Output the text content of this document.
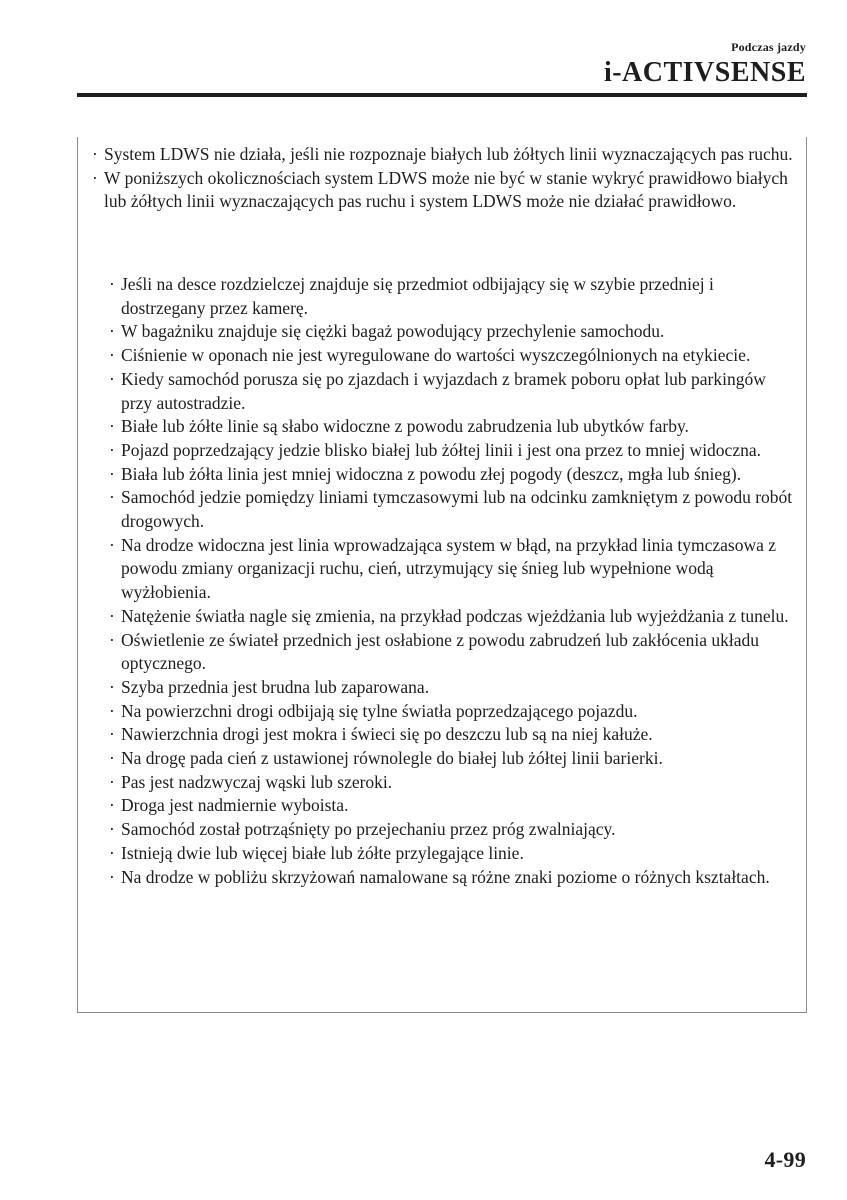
Podczas jazdy
i-ACTIVSENSE
· System LDWS nie działa, jeśli nie rozpoznaje białych lub żółtych linii wyznaczających pas ruchu.
· W poniższych okolicznościach system LDWS może nie być w stanie wykryć prawidłowo białych lub żółtych linii wyznaczających pas ruchu i system LDWS może nie działać prawidłowo.
· Jeśli na desce rozdzielczej znajduje się przedmiot odbijający się w szybie przedniej i dostrzegany przez kamerę.
· W bagażniku znajduje się ciężki bagaż powodujący przechylenie samochodu.
· Ciśnienie w oponach nie jest wyregulowane do wartości wyszczególnionych na etykiecie.
· Kiedy samochód porusza się po zjazdach i wyjazdach z bramek poboru opłat lub parkingów przy autostradzie.
· Białe lub żółte linie są słabo widoczne z powodu zabrudzenia lub ubytków farby.
· Pojazd poprzedzający jedzie blisko białej lub żółtej linii i jest ona przez to mniej widoczna.
· Biała lub żółta linia jest mniej widoczna z powodu złej pogody (deszcz, mgła lub śnieg).
· Samochód jedzie pomiędzy liniami tymczasowymi lub na odcinku zamkniętym z powodu robót drogowych.
· Na drodze widoczna jest linia wprowadzająca system w błąd, na przykład linia tymczasowa z powodu zmiany organizacji ruchu, cień, utrzymujący się śnieg lub wypełnione wodą wyżłobienia.
· Natężenie światła nagle się zmienia, na przykład podczas wjeżdżania lub wyjeżdżania z tunelu.
· Oświetlenie ze świateł przednich jest osłabione z powodu zabrudzeń lub zakłócenia układu optycznego.
· Szyba przednia jest brudna lub zaparowana.
· Na powierzchni drogi odbijają się tylne światła poprzedzającego pojazdu.
· Nawierzchnia drogi jest mokra i świeci się po deszczu lub są na niej kałuże.
· Na drogę pada cień z ustawionej równolegle do białej lub żółtej linii barierki.
· Pas jest nadzwyczaj wąski lub szeroki.
· Droga jest nadmiernie wyboista.
· Samochód został potrząśnięty po przejechaniu przez próg zwalniający.
· Istnieją dwie lub więcej białe lub żółte przylegające linie.
· Na drodze w pobliżu skrzyżowań namalowane są różne znaki poziome o różnych kształtach.
4-99
